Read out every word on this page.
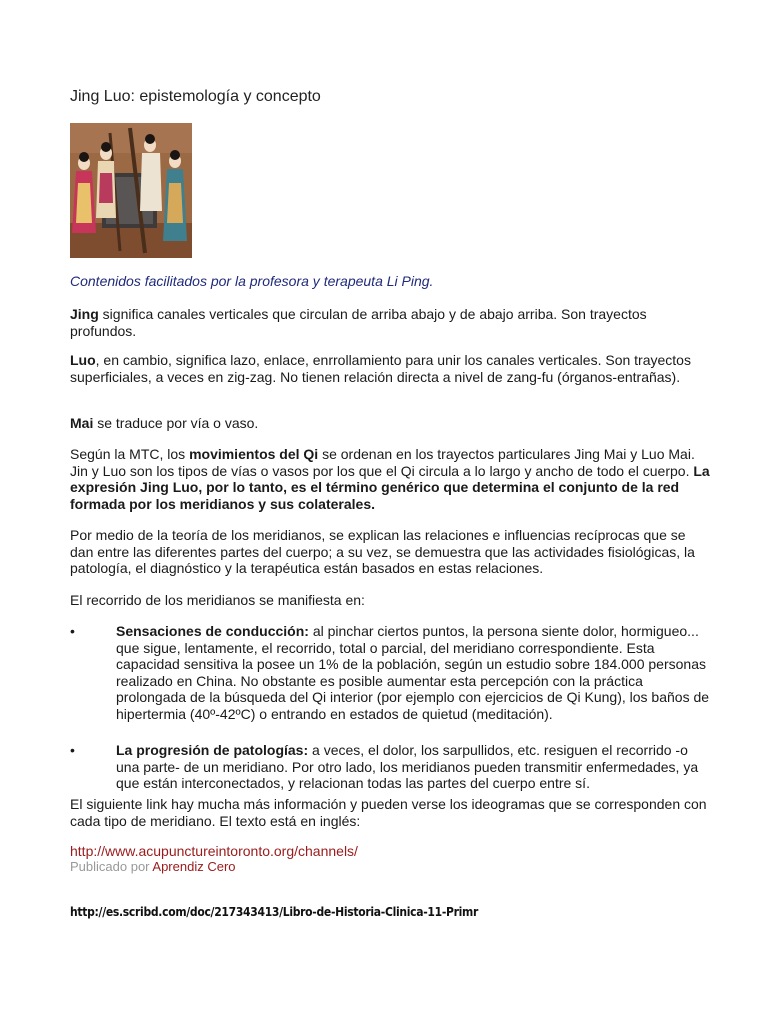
Jing Luo: epistemología y concepto
Contenidos facilitados por la profesora y terapeuta Li Ping.

Jing significa canales verticales que circulan de arriba abajo y de abajo arriba. Son trayectos profundos.

Luo, en cambio, significa lazo, enlace, enrrollamiento para unir los canales verticales. Son trayectos superficiales, a veces en zig-zag. No tienen relación directa a nivel de zang-fu (órganos-entrañas).

Mai se traduce por vía o vaso.

Según la MTC, los movimientos del Qi se ordenan en los trayectos particulares Jing Mai y Luo Mai. Jin y Luo son los tipos de vías o vasos por los que el Qi circula a lo largo y ancho de todo el cuerpo. La expresión Jing Luo, por lo tanto, es el término genérico que determina el conjunto de la red formada por los meridianos y sus colaterales.

Por medio de la teoría de los meridianos, se explican las relaciones e influencias recíprocas que se dan entre las diferentes partes del cuerpo; a su vez, se demuestra que las actividades fisiológicas, la patología, el diagnóstico y la terapéutica están basados en estas relaciones.

El recorrido de los meridianos se manifiesta en:

•	Sensaciones de conducción: al pinchar ciertos puntos, la persona siente dolor, hormigueo... que sigue, lentamente, el recorrido, total o parcial, del meridiano correspondiente. Esta capacidad sensitiva la posee un 1% de la población, según un estudio sobre 184.000 personas realizado en China. No obstante es posible aumentar esta percepción con la práctica prolongada de la búsqueda del Qi interior (por ejemplo con ejercicios de Qi Kung), los baños de hipertermia (40º-42ºC) o entrando en estados de quietud (meditación).
•	La progresión de patologías: a veces, el dolor, los sarpullidos, etc. resiguen el recorrido -o una parte- de un meridiano. Por otro lado, los meridianos pueden transmitir enfermedades, ya que están interconectados, y relacionan todas las partes del cuerpo entre sí.

El siguiente link hay mucha más información y pueden verse los ideogramas que se corresponden con cada tipo de meridiano. El texto está en inglés:

http://www.acupunctureintoronto.org/channels/

Publicado por Aprendiz Cero
http://es.scribd.com/doc/217343413/Libro-de-Historia-Clinica-11-Primr
